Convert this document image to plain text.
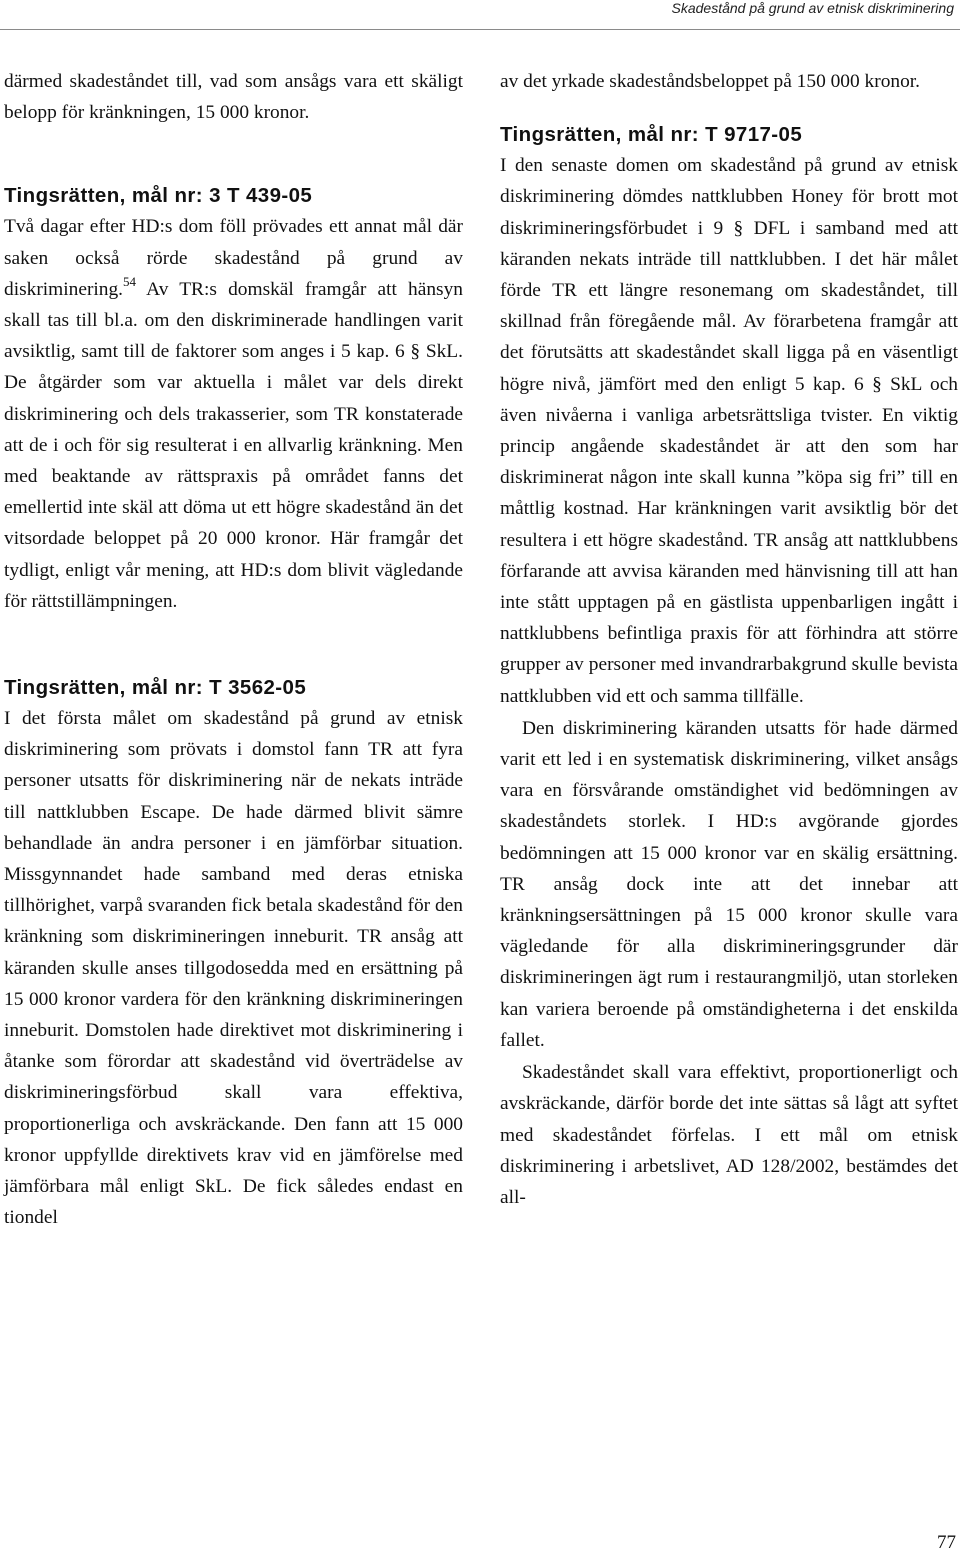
Skadestånd på grund av etnisk diskriminering

därmed skadeståndet till, vad som ansågs vara ett skäligt belopp för kränkningen, 15 000 kronor.

Tingsrätten, mål nr: 3 T 439-05

Två dagar efter HD:s dom föll prövades ett annat mål där saken också rörde skadestånd på grund av diskriminering.$^{54}$ Av TR:s domskäl framgår att hänsyn skall tas till bl.a. om den diskriminerade handlingen varit avsiktlig, samt till de faktorer som anges i 5 kap. 6 § SkL. De åtgärder som var aktuella i målet var dels direkt diskriminering och dels trakasserier, som TR konstaterade att de i och för sig resulterat i en allvarlig kränkning. Men med beaktande av rättspraxis på området fanns det emellertid inte skäl att döma ut ett högre skadestånd än det vitsordade beloppet på 20 000 kronor. Här framgår det tydligt, enligt vår mening, att HD:s dom blivit vägledande för rättstillämpningen.

Tingsrätten, mål nr: T 3562-05

I det första målet om skadestånd på grund av etnisk diskriminering som prövats i domstol fann TR att fyra personer utsatts för diskriminering när de nekats inträde till nattklubben Escape. De hade därmed blivit sämre behandlade än andra personer i en jämförbar situation. Missgynnandet hade samband med deras etniska tillhörighet, varpå svaranden fick betala skadestånd för den kränkning som diskrimineringen inneburit. TR ansåg att käranden skulle anses tillgodosedda med en ersättning på 15 000 kronor vardera för den kränkning diskrimineringen inneburit. Domstolen hade direktivet mot diskriminering i åtanke som förordar att skadestånd vid överträdelse av diskrimineringsförbud skall vara effektiva, proportionerliga och avskräckande. Den fann att 15 000 kronor uppfyllde direktivets krav vid en jämförelse med jämförbara mål enligt SkL. De fick således endast en tiondel

av det yrkade skadeståndsbeloppet på 150 000 kronor.

Tingsrätten, mål nr: T 9717-05

I den senaste domen om skadestånd på grund av etnisk diskriminering dömdes nattklubben Honey för brott mot diskrimineringsförbudet i 9 § DFL i samband med att käranden nekats inträde till nattklubben. I det här målet förde TR ett längre resonemang om skadeståndet, till skillnad från föregående mål. Av förarbetena framgår att det förutsätts att skadeståndet skall ligga på en väsentligt högre nivå, jämfört med den enligt 5 kap. 6 § SkL och även nivåerna i vanliga arbetsrättsliga tvister. En viktig princip angående skadeståndet är att den som har diskriminerat någon inte skall kunna ”köpa sig fri” till en måttlig kostnad. Har kränkningen varit avsiktlig bör det resultera i ett högre skadestånd. TR ansåg att nattklubbens förfarande att avvisa käranden med hänvisning till att han inte stått upptagen på en gästlista uppenbarligen ingått i nattklubbens befintliga praxis för att förhindra att större grupper av personer med invandrarbakgrund skulle bevista nattklubben vid ett och samma tillfälle.

Den diskriminering käranden utsatts för hade därmed varit ett led i en systematisk diskriminering, vilket ansågs vara en försvårande omständighet vid bedömningen av skadeståndets storlek. I HD:s avgörande gjordes bedömningen att 15 000 kronor var en skälig ersättning. TR ansåg dock inte att det innebar att kränkningsersättningen på 15 000 kronor skulle vara vägledande för alla diskrimineringsgrunder där diskrimineringen ägt rum i restaurangmiljö, utan storleken kan variera beroende på omständigheterna i det enskilda fallet.

Skadeståndet skall vara effektivt, proportionerligt och avskräckande, därför borde det inte sättas så lågt att syftet med skadeståndet förfelas. I ett mål om etnisk diskriminering i arbetslivet, AD 128/2002, bestämdes det all-

77
